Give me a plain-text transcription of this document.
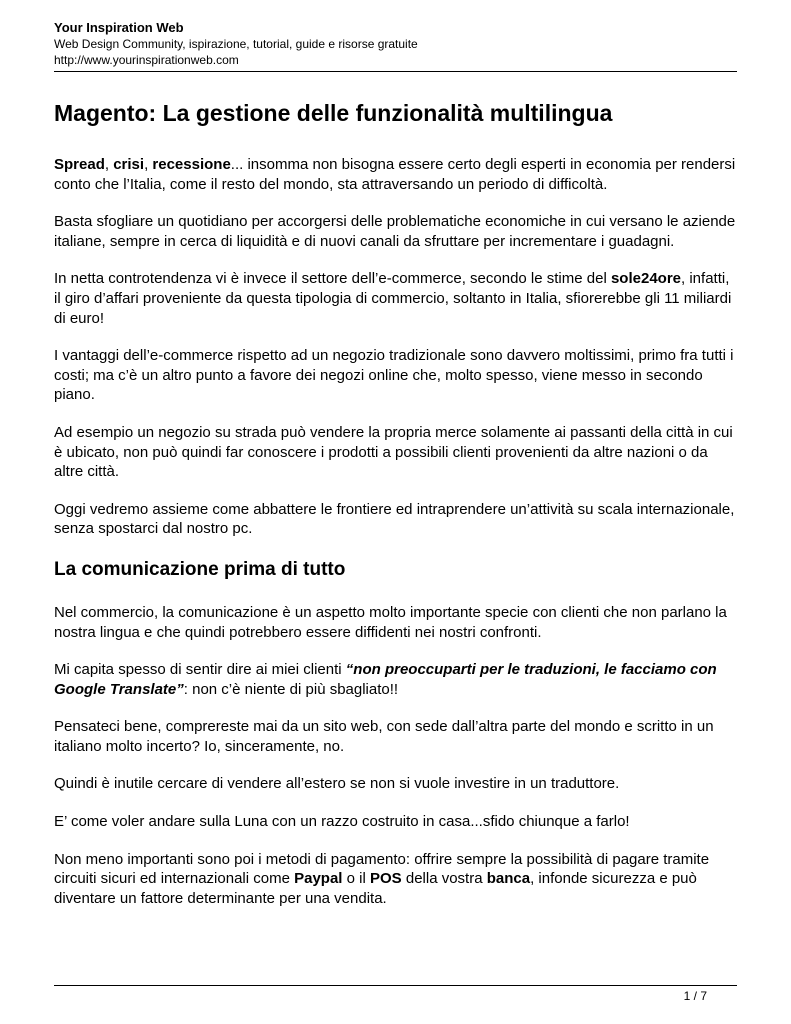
Your Inspiration Web
Web Design Community, ispirazione, tutorial, guide e risorse gratuite
http://www.yourinspirationweb.com
Magento: La gestione delle funzionalità multilingua

Spread, crisi, recessione... insomma non bisogna essere certo degli esperti in economia per rendersi conto che l’Italia, come il resto del mondo, sta attraversando un periodo di difficoltà.

Basta sfogliare un quotidiano per accorgersi delle problematiche economiche in cui versano le aziende italiane, sempre in cerca di liquidità e di nuovi canali da sfruttare per incrementare i guadagni.

In netta controtendenza vi è invece il settore dell’e-commerce, secondo le stime del sole24ore, infatti, il giro d’affari proveniente da questa tipologia di commercio, soltanto in Italia, sfiorerebbe gli 11 miliardi di euro!

I vantaggi dell’e-commerce rispetto ad un negozio tradizionale sono davvero moltissimi, primo fra tutti i costi; ma c’è un altro punto a favore dei negozi online che, molto spesso, viene messo in secondo piano.

Ad esempio un negozio su strada può vendere la propria merce solamente ai passanti della città in cui è ubicato, non può quindi far conoscere i prodotti a possibili clienti provenienti da altre nazioni o da altre città.

Oggi vedremo assieme come abbattere le frontiere ed intraprendere un’attività su scala internazionale, senza spostarci dal nostro pc.

La comunicazione prima di tutto

Nel commercio, la comunicazione è un aspetto molto importante specie con clienti che non parlano la nostra lingua e che quindi potrebbero essere diffidenti nei nostri confronti.

Mi capita spesso di sentir dire ai miei clienti “non preoccuparti per le traduzioni, le facciamo con Google Translate”: non c’è niente di più sbagliato!!

Pensateci bene, comprereste mai da un sito web, con sede dall’altra parte del mondo e scritto in un italiano molto incerto? Io, sinceramente, no.

Quindi è inutile cercare di vendere all’estero se non si vuole investire in un traduttore.

E’ come voler andare sulla Luna con un razzo costruito in casa...sfido chiunque a farlo!

Non meno importanti sono poi i metodi di pagamento: offrire sempre la possibilità di pagare tramite circuiti sicuri ed internazionali come Paypal o il POS della vostra banca, infonde sicurezza e può diventare un fattore determinante per una vendita.

1 / 7
